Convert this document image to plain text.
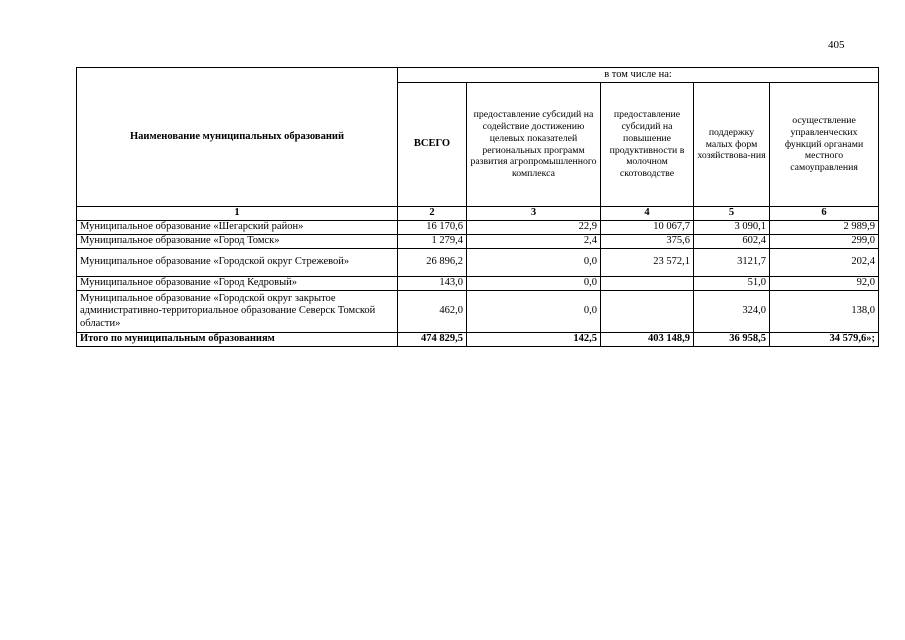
405
Наименование муниципальных образований	в том числе на:				
	ВСЕГО	предоставление субсидий на содействие достижению целевых показателей региональных программ развития агропромышленного комплекса	предоставление субсидий на повышение продуктивности в молочном скотоводстве	поддержку малых форм хозяйствова-ния	осуществление управленческих функций органами местного самоуправления
1	2	3	4	5	6
Муниципальное образование «Шегарский район»	16 170,6	22,9	10 067,7	3 090,1	2 989,9
Муниципальное образование «Город Томск»	1 279,4	2,4	375,6	602,4	299,0
Муниципальное образование «Городской округ Стрежевой»	26 896,2	0,0	23 572,1	3121,7	202,4
Муниципальное образование «Город Кедровый»	143,0	0,0		51,0	92,0
Муниципальное образование «Городской округ закрытое административно-территориальное образование Северск Томской области»	462,0	0,0		324,0	138,0
Итого по муниципальным образованиям	474 829,5	142,5	403 148,9	36 958,5	34 579,6»;
